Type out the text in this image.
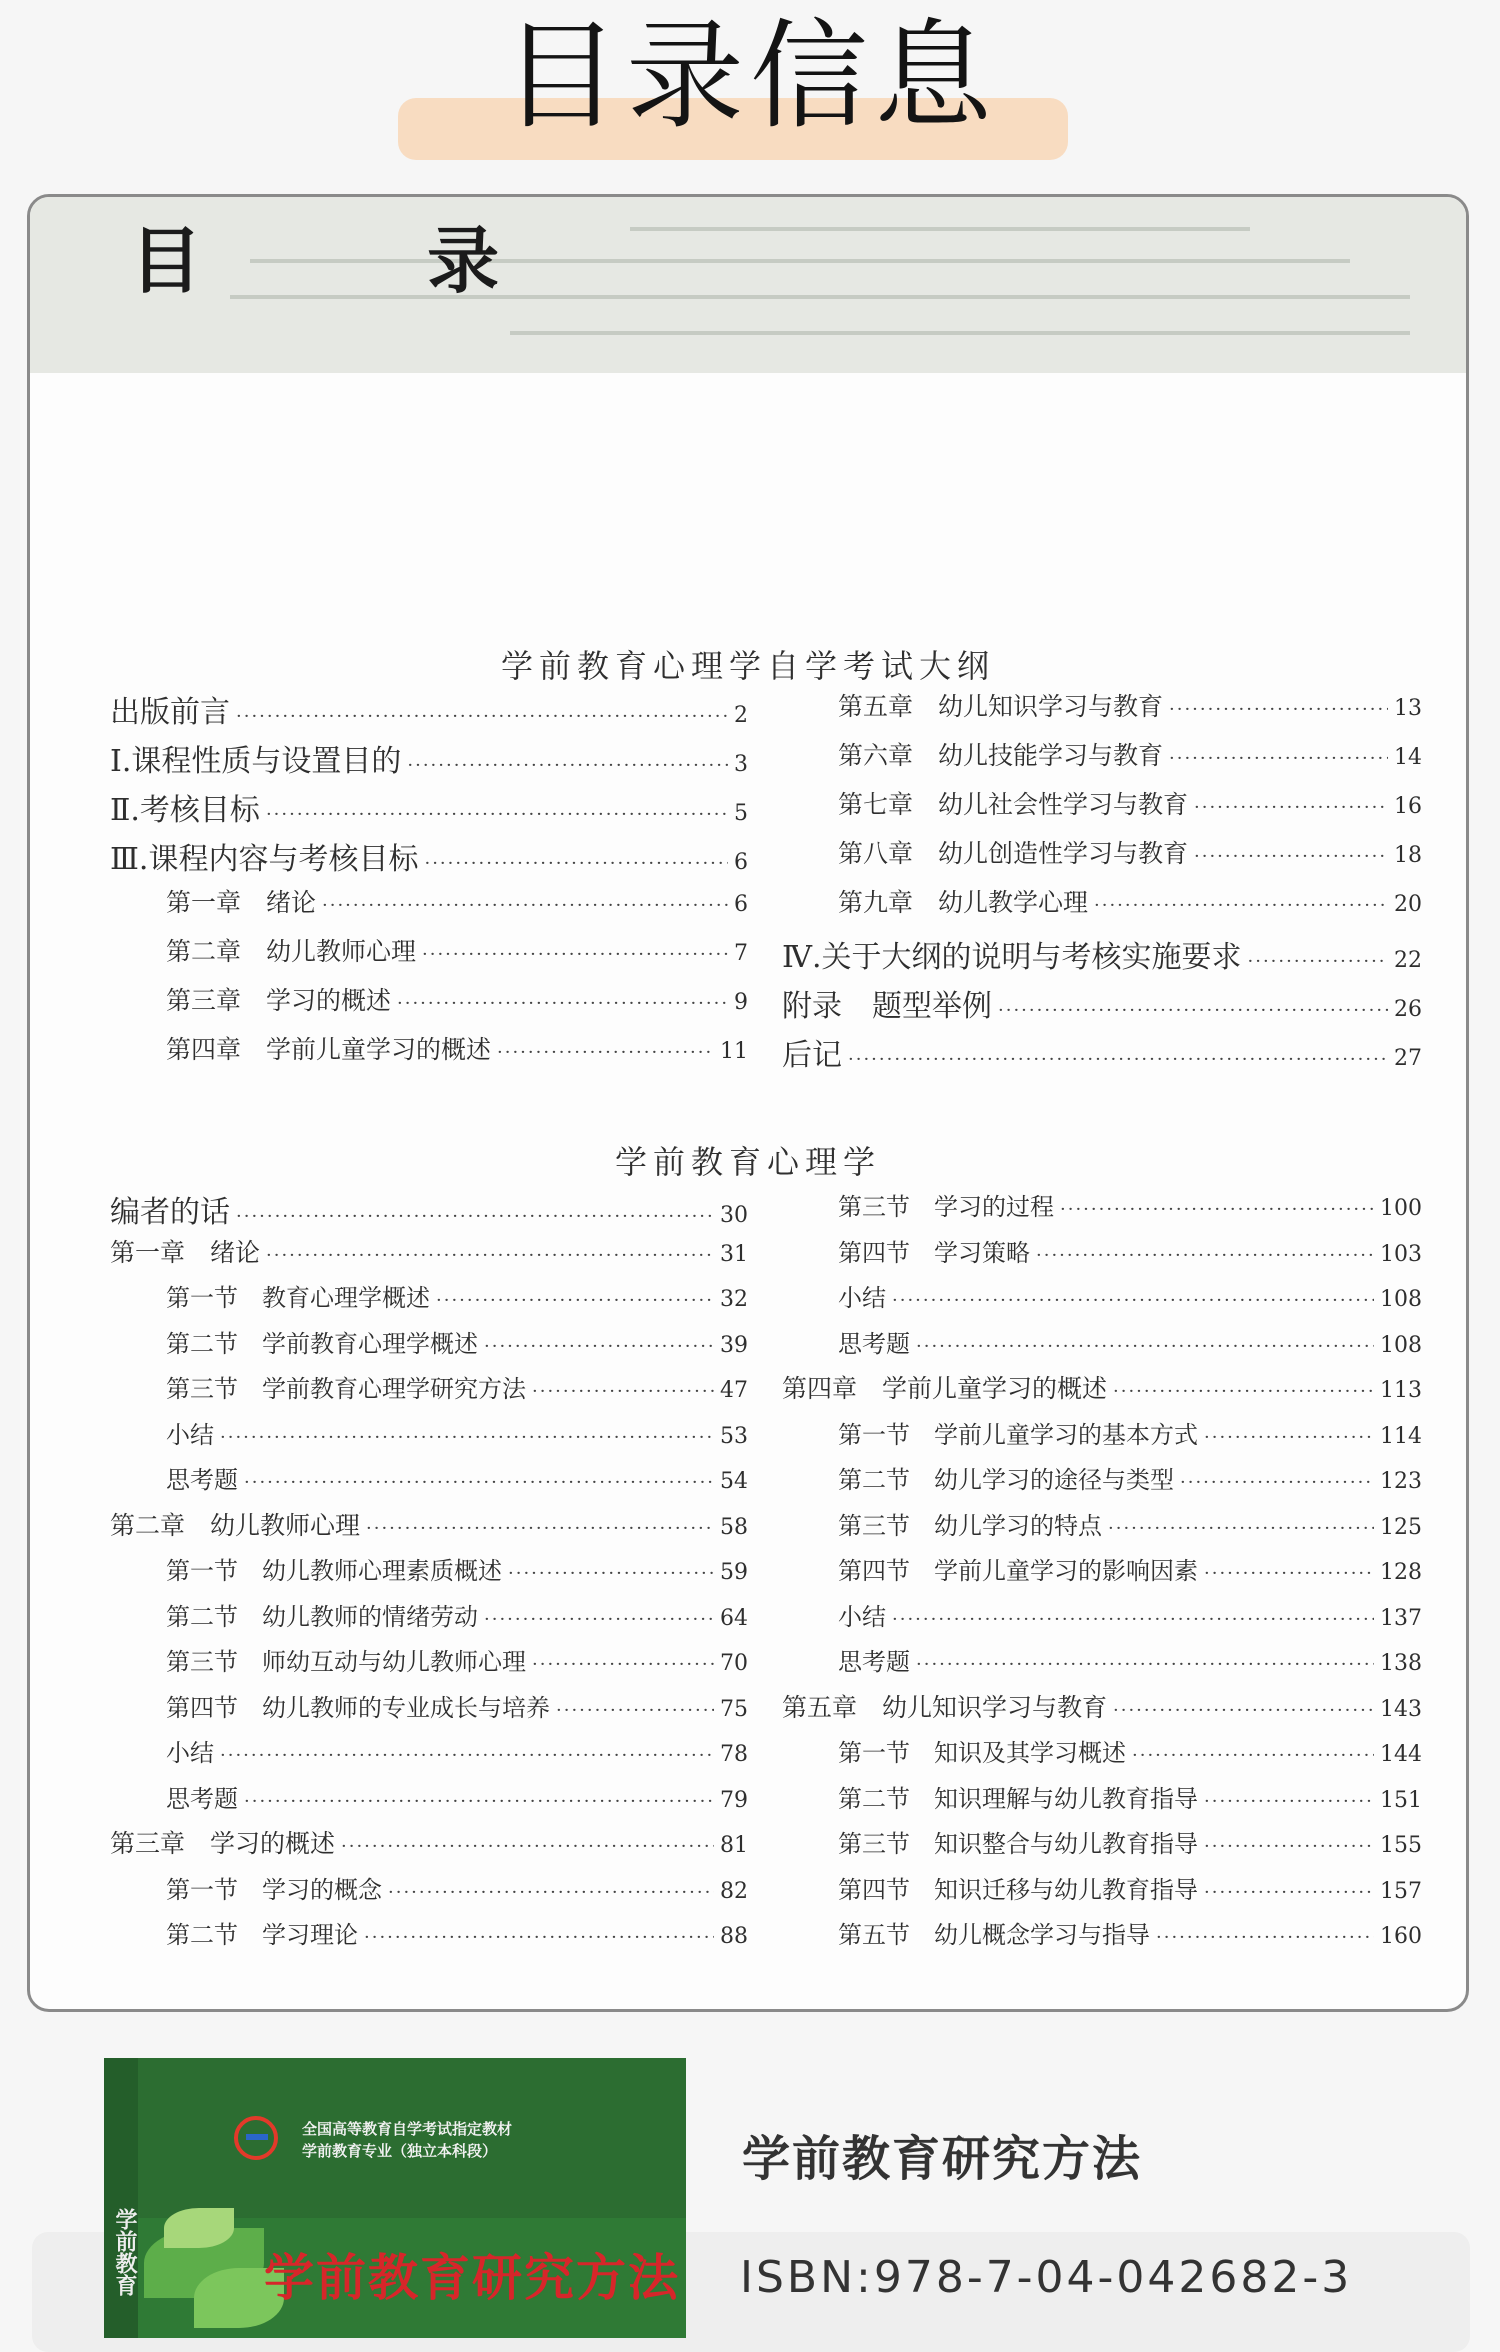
目录信息
目 录
学前教育心理学自学考试大纲
出版前言 ·····	2
Ⅰ.课程性质与设置目的 ·····	3
Ⅱ.考核目标 ·····	5
Ⅲ.课程内容与考核目标 ·····	6
第一章　绪论 ·····	6
第二章　幼儿教师心理 ·····	7
第三章　学习的概述 ·····	9
第四章　学前儿童学习的概述 ·····	11
第五章　幼儿知识学习与教育 ·····	13
第六章　幼儿技能学习与教育 ·····	14
第七章　幼儿社会性学习与教育 ·····	16
第八章　幼儿创造性学习与教育 ·····	18
第九章　幼儿教学心理 ·····	20
Ⅳ.关于大纲的说明与考核实施要求 ·····	22
附录　题型举例 ·····	26
后记 ·····	27
学前教育心理学
编者的话 ·····	30
第一章　绪论 ·····	31
第一节　教育心理学概述 ·····	32
第二节　学前教育心理学概述 ·····	39
第三节　学前教育心理学研究方法 ·····	47
小结 ·····	53
思考题 ·····	54
第二章　幼儿教师心理 ·····	58
第一节　幼儿教师心理素质概述 ·····	59
第二节　幼儿教师的情绪劳动 ·····	64
第三节　师幼互动与幼儿教师心理 ·····	70
第四节　幼儿教师的专业成长与培养 ·····	75
小结 ·····	78
思考题 ·····	79
第三章　学习的概述 ·····	81
第一节　学习的概念 ·····	82
第二节　学习理论 ·····	88
第三节　学习的过程 ·····	100
第四节　学习策略 ·····	103
小结 ·····	108
思考题 ·····	108
第四章　学前儿童学习的概述 ·····	113
第一节　学前儿童学习的基本方式 ·····	114
第二节　幼儿学习的途径与类型 ·····	123
第三节　幼儿学习的特点 ·····	125
第四节　学前儿童学习的影响因素 ·····	128
小结 ·····	137
思考题 ·····	138
第五章　幼儿知识学习与教育 ·····	143
第一节　知识及其学习概述 ·····	144
第二节　知识理解与幼儿教育指导 ·····	151
第三节　知识整合与幼儿教育指导 ·····	155
第四节　知识迁移与幼儿教育指导 ·····	157
第五节　幼儿概念学习与指导 ·····	160
学前教育
全国高等教育自学考试指定教材
学前教育专业（独立本科段）
学前教育研究方法
学前教育研究方法
ISBN:978-7-04-042682-3
